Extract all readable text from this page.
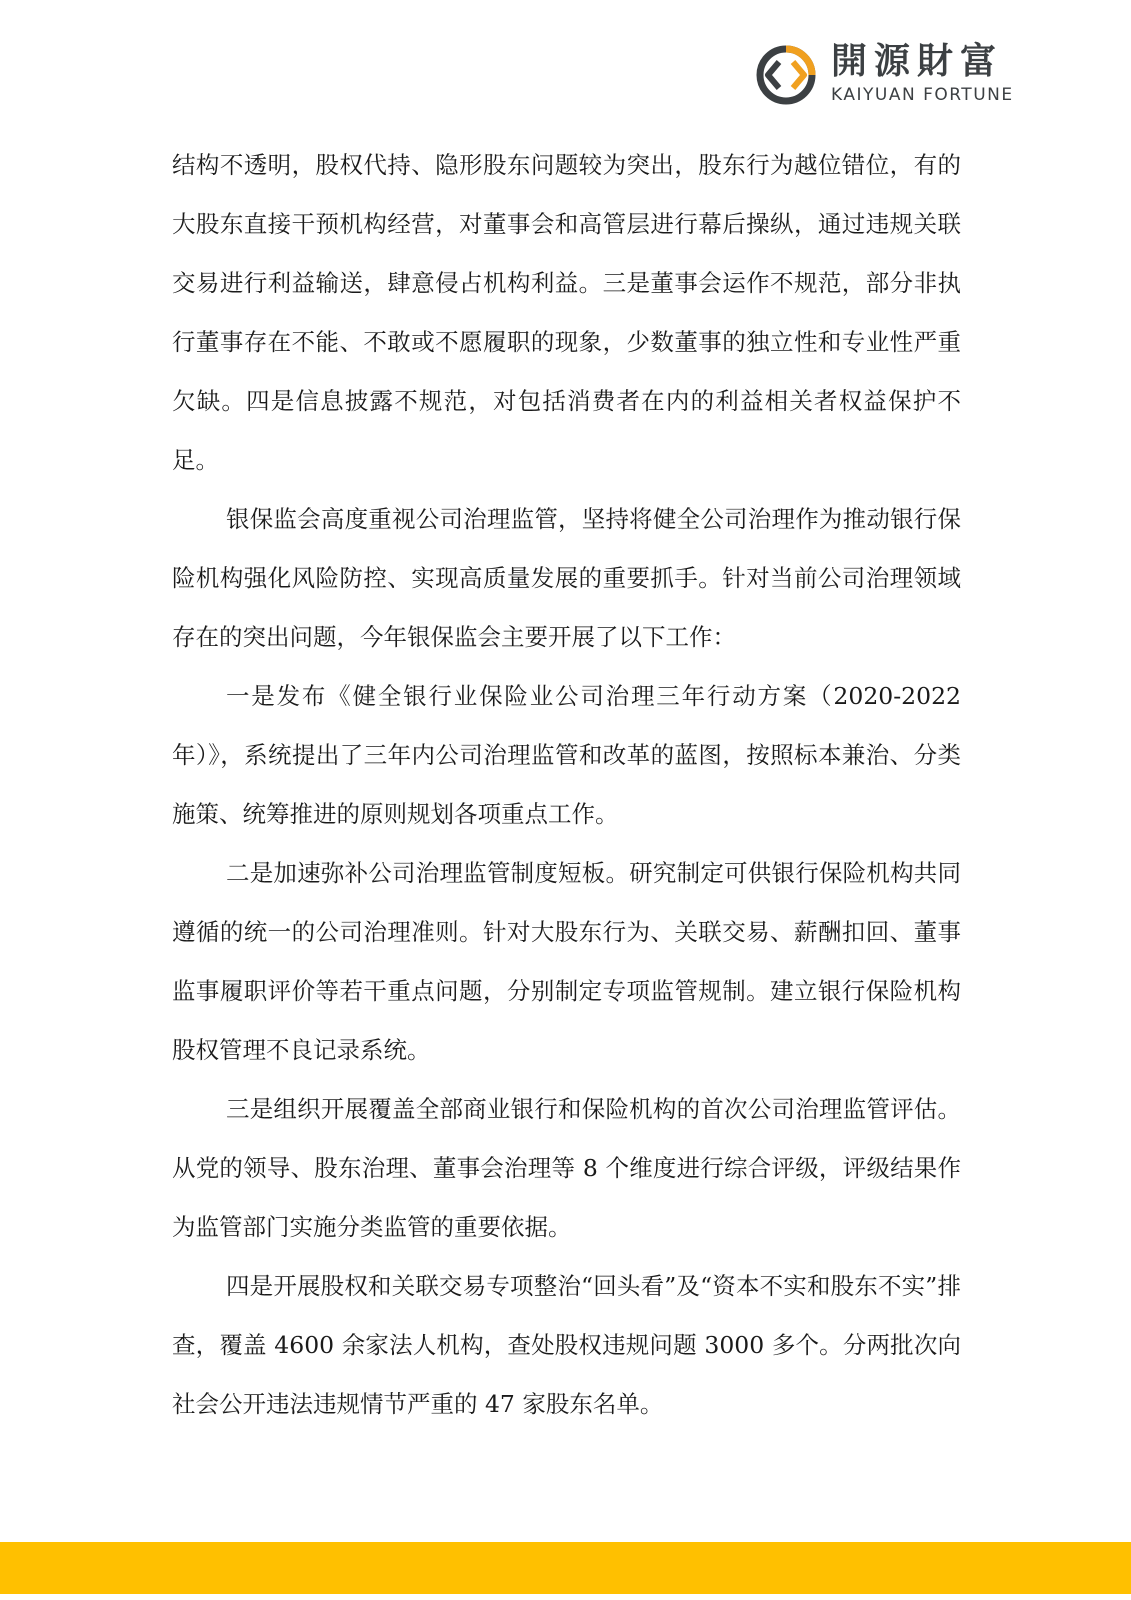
開源財富
KAIYUAN FORTUNE

结构不透明，股权代持、隐形股东问题较为突出，股东行为越位错位，有的大股东直接干预机构经营，对董事会和高管层进行幕后操纵，通过违规关联交易进行利益输送，肆意侵占机构利益。三是董事会运作不规范，部分非执行董事存在不能、不敢或不愿履职的现象，少数董事的独立性和专业性严重欠缺。四是信息披露不规范，对包括消费者在内的利益相关者权益保护不足。

银保监会高度重视公司治理监管，坚持将健全公司治理作为推动银行保险机构强化风险防控、实现高质量发展的重要抓手。针对当前公司治理领域存在的突出问题，今年银保监会主要开展了以下工作：

一是发布《健全银行业保险业公司治理三年行动方案（2020-2022年）》，系统提出了三年内公司治理监管和改革的蓝图，按照标本兼治、分类施策、统筹推进的原则规划各项重点工作。

二是加速弥补公司治理监管制度短板。研究制定可供银行保险机构共同遵循的统一的公司治理准则。针对大股东行为、关联交易、薪酬扣回、董事监事履职评价等若干重点问题，分别制定专项监管规制。建立银行保险机构股权管理不良记录系统。

三是组织开展覆盖全部商业银行和保险机构的首次公司治理监管评估。从党的领导、股东治理、董事会治理等 8 个维度进行综合评级，评级结果作为监管部门实施分类监管的重要依据。

四是开展股权和关联交易专项整治“回头看”及“资本不实和股东不实”排查，覆盖 4600 余家法人机构，查处股权违规问题 3000 多个。分两批次向社会公开违法违规情节严重的 47 家股东名单。
